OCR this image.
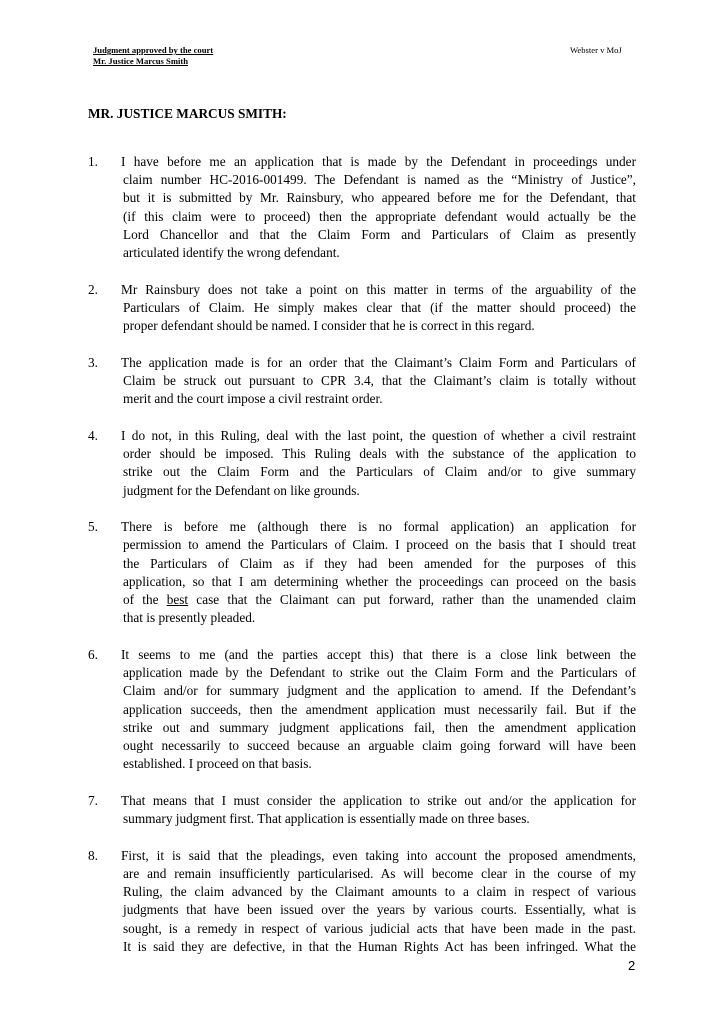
Judgment approved by the court
Mr. Justice Marcus Smith
Webster v MoJ
MR. JUSTICE MARCUS SMITH:
1.	I have before me an application that is made by the Defendant in proceedings under
claim number HC-2016-001499. The Defendant is named as the “Ministry of Justice”,
but it is submitted by Mr. Rainsbury, who appeared before me for the Defendant, that
(if this claim were to proceed) then the appropriate defendant would actually be the
Lord Chancellor and that the Claim Form and Particulars of Claim as presently
articulated identify the wrong defendant.
2.	Mr Rainsbury does not take a point on this matter in terms of the arguability of the
Particulars of Claim. He simply makes clear that (if the matter should proceed) the
proper defendant should be named. I consider that he is correct in this regard.
3.	The application made is for an order that the Claimant’s Claim Form and Particulars of
Claim be struck out pursuant to CPR 3.4, that the Claimant’s claim is totally without
merit and the court impose a civil restraint order.
4.	I do not, in this Ruling, deal with the last point, the question of whether a civil restraint
order should be imposed. This Ruling deals with the substance of the application to
strike out the Claim Form and the Particulars of Claim and/or to give summary
judgment for the Defendant on like grounds.
5.	There is before me (although there is no formal application) an application for
permission to amend the Particulars of Claim. I proceed on the basis that I should treat
the Particulars of Claim as if they had been amended for the purposes of this
application, so that I am determining whether the proceedings can proceed on the basis
of the best case that the Claimant can put forward, rather than the unamended claim
that is presently pleaded.
6.	It seems to me (and the parties accept this) that there is a close link between the
application made by the Defendant to strike out the Claim Form and the Particulars of
Claim and/or for summary judgment and the application to amend. If the Defendant’s
application succeeds, then the amendment application must necessarily fail. But if the
strike out and summary judgment applications fail, then the amendment application
ought necessarily to succeed because an arguable claim going forward will have been
established. I proceed on that basis.
7.	That means that I must consider the application to strike out and/or the application for
summary judgment first. That application is essentially made on three bases.
8.	First, it is said that the pleadings, even taking into account the proposed amendments,
are and remain insufficiently particularised. As will become clear in the course of my
Ruling, the claim advanced by the Claimant amounts to a claim in respect of various
judgments that have been issued over the years by various courts. Essentially, what is
sought, is a remedy in respect of various judicial acts that have been made in the past.
It is said they are defective, in that the Human Rights Act has been infringed. What the
2
